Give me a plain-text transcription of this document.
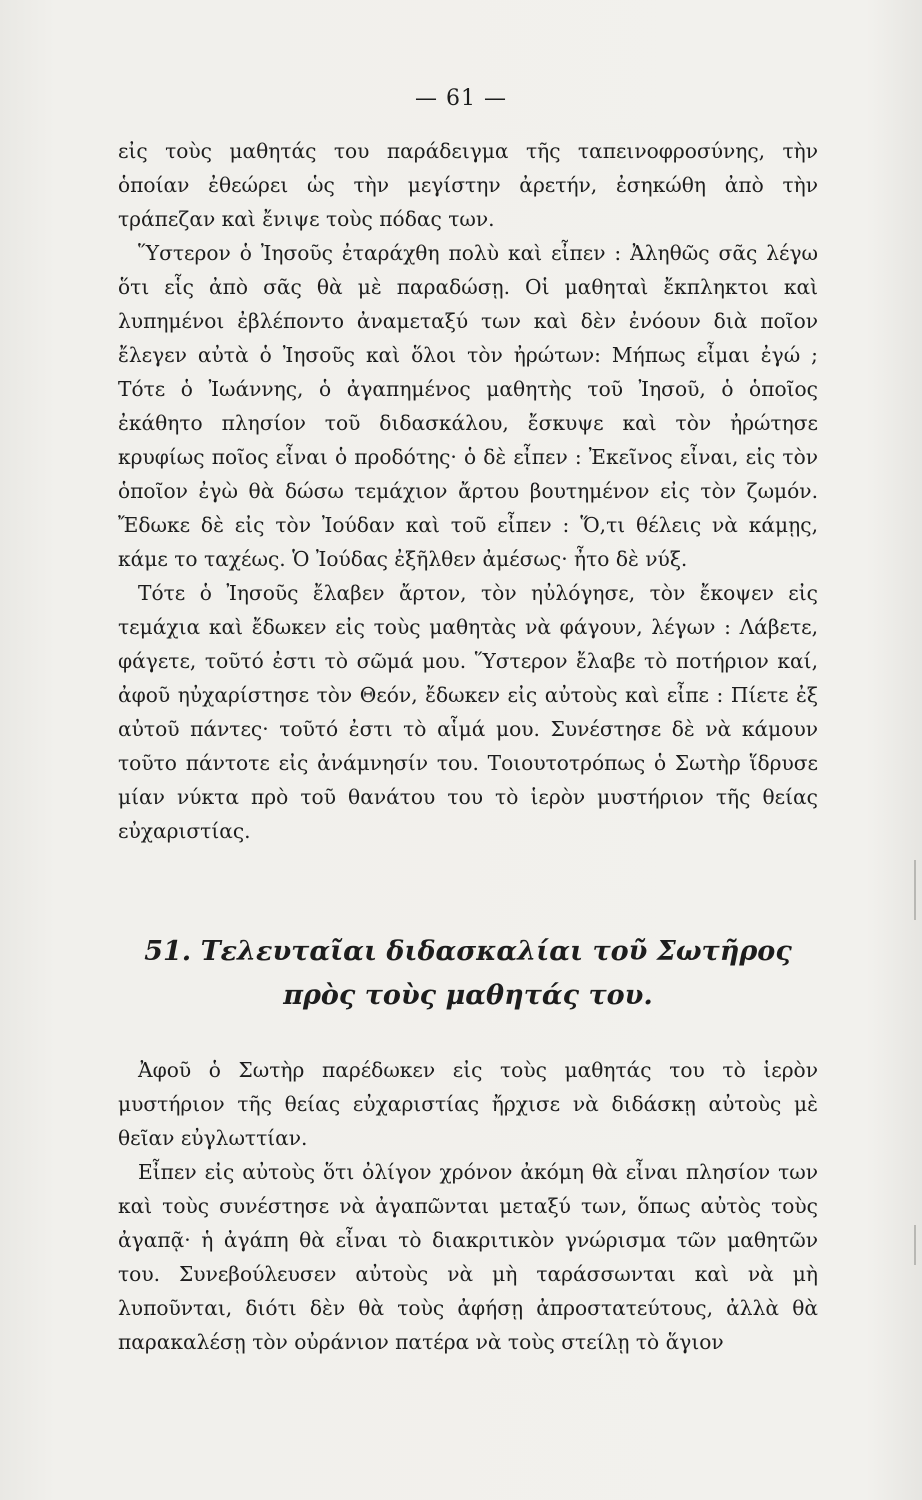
— 61 —

εἰς τοὺς μαθητάς του παράδειγμα τῆς ταπεινοφροσύνης, τὴν ὁποίαν ἐθεώρει ὡς τὴν μεγίστην ἀρετήν, ἐσηκώθη ἀπὸ τὴν τράπεζαν καὶ ἔνιψε τοὺς πόδας των.

Ὕστερον ὁ Ἰησοῦς ἐταράχθη πολὺ καὶ εἶπεν : Ἀληθῶς σᾶς λέγω ὅτι εἷς ἀπὸ σᾶς θὰ μὲ παραδώσῃ. Οἱ μαθηταὶ ἔκπληκτοι καὶ λυπημένοι ἐβλέποντο ἀναμεταξύ των καὶ δὲν ἐνόουν διὰ ποῖον ἔλεγεν αὐτὰ ὁ Ἰησοῦς καὶ ὅλοι τὸν ἠρώτων: Μήπως εἶμαι ἐγώ ; Τότε ὁ Ἰωάννης, ὁ ἀγαπημένος μαθητὴς τοῦ Ἰησοῦ, ὁ ὁποῖος ἐκάθητο πλησίον τοῦ διδασκάλου, ἔσκυψε καὶ τὸν ἠρώτησε κρυφίως ποῖος εἶναι ὁ προδότης· ὁ δὲ εἶπεν : Ἐκεῖνος εἶναι, εἰς τὸν ὁποῖον ἐγὼ θὰ δώσω τεμάχιον ἄρτου βουτημένον εἰς τὸν ζωμόν. Ἔδωκε δὲ εἰς τὸν Ἰούδαν καὶ τοῦ εἶπεν : Ὅ,τι θέλεις νὰ κάμῃς, κάμε το ταχέως. Ὁ Ἰούδας ἐξῆλθεν ἀμέσως· ἦτο δὲ νύξ.

Τότε ὁ Ἰησοῦς ἔλαβεν ἄρτον, τὸν ηὐλόγησε, τὸν ἔκοψεν εἰς τεμάχια καὶ ἔδωκεν εἰς τοὺς μαθητὰς νὰ φάγουν, λέγων : Λάβετε, φάγετε, τοῦτό ἐστι τὸ σῶμά μου. Ὕστερον ἔλαβε τὸ ποτήριον καί, ἀφοῦ ηὐχαρίστησε τὸν Θεόν, ἔδωκεν εἰς αὐτοὺς καὶ εἶπε : Πίετε ἐξ αὐτοῦ πάντες· τοῦτό ἐστι τὸ αἷμά μου. Συνέστησε δὲ νὰ κάμουν τοῦτο πάντοτε εἰς ἀνάμνησίν του. Τοιουτοτρόπως ὁ Σωτὴρ ἵδρυσε μίαν νύκτα πρὸ τοῦ θανάτου του τὸ ἱερὸν μυστήριον τῆς θείας εὐχαριστίας.

51. Τελευταῖαι διδασκαλίαι τοῦ Σωτῆρος
πρὸς τοὺς μαθητάς του.

Ἀφοῦ ὁ Σωτὴρ παρέδωκεν εἰς τοὺς μαθητάς του τὸ ἱερὸν μυστήριον τῆς θείας εὐχαριστίας ἤρχισε νὰ διδάσκῃ αὐτοὺς μὲ θεῖαν εὐγλωττίαν.

Εἶπεν εἰς αὐτοὺς ὅτι ὀλίγον χρόνον ἀκόμη θὰ εἶναι πλησίον των καὶ τοὺς συνέστησε νὰ ἀγαπῶνται μεταξύ των, ὅπως αὐτὸς τοὺς ἀγαπᾷ· ἡ ἀγάπη θὰ εἶναι τὸ διακριτικὸν γνώρισμα τῶν μαθητῶν του. Συνεβούλευσεν αὐτοὺς νὰ μὴ ταράσσωνται καὶ νὰ μὴ λυποῦνται, διότι δὲν θὰ τοὺς ἀφήσῃ ἀπροστατεύτους, ἀλλὰ θὰ παρακαλέσῃ τὸν οὐράνιον πατέρα νὰ τοὺς στείλῃ τὸ ἅγιον
